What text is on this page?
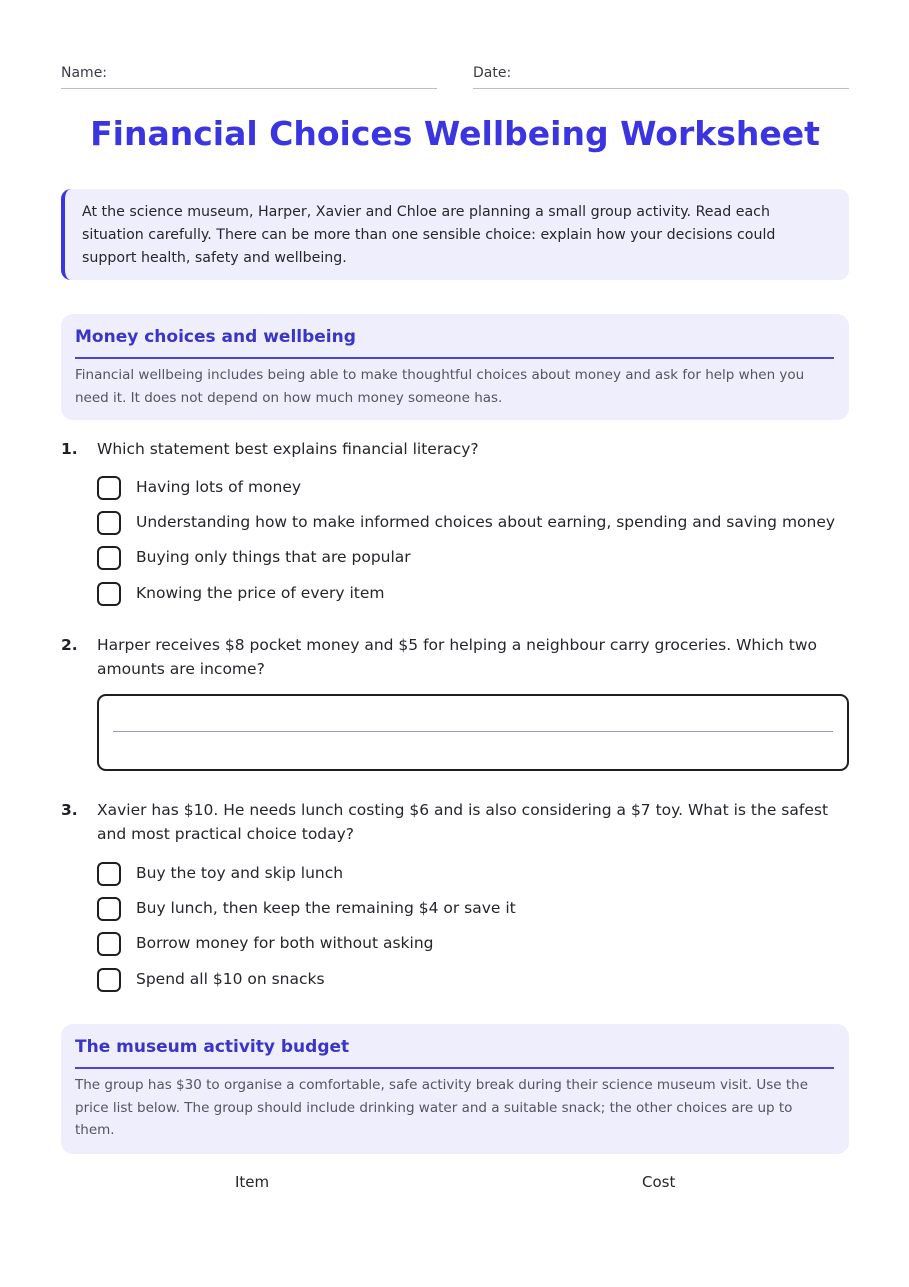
Name:	Date:
Financial Choices Wellbeing Worksheet
At the science museum, Harper, Xavier and Chloe are planning a small group activity. Read each situation carefully. There can be more than one sensible choice: explain how your decisions could support health, safety and wellbeing.
Money choices and wellbeing
Financial wellbeing includes being able to make thoughtful choices about money and ask for help when you need it. It does not depend on how much money someone has.
1. Which statement best explains financial literacy?
Having lots of money
Understanding how to make informed choices about earning, spending and saving money
Buying only things that are popular
Knowing the price of every item
2. Harper receives $8 pocket money and $5 for helping a neighbour carry groceries. Which two amounts are income?
3. Xavier has $10. He needs lunch costing $6 and is also considering a $7 toy. What is the safest and most practical choice today?
Buy the toy and skip lunch
Buy lunch, then keep the remaining $4 or save it
Borrow money for both without asking
Spend all $10 on snacks
The museum activity budget
The group has $30 to organise a comfortable, safe activity break during their science museum visit. Use the price list below. The group should include drinking water and a suitable snack; the other choices are up to them.
Item	Cost
